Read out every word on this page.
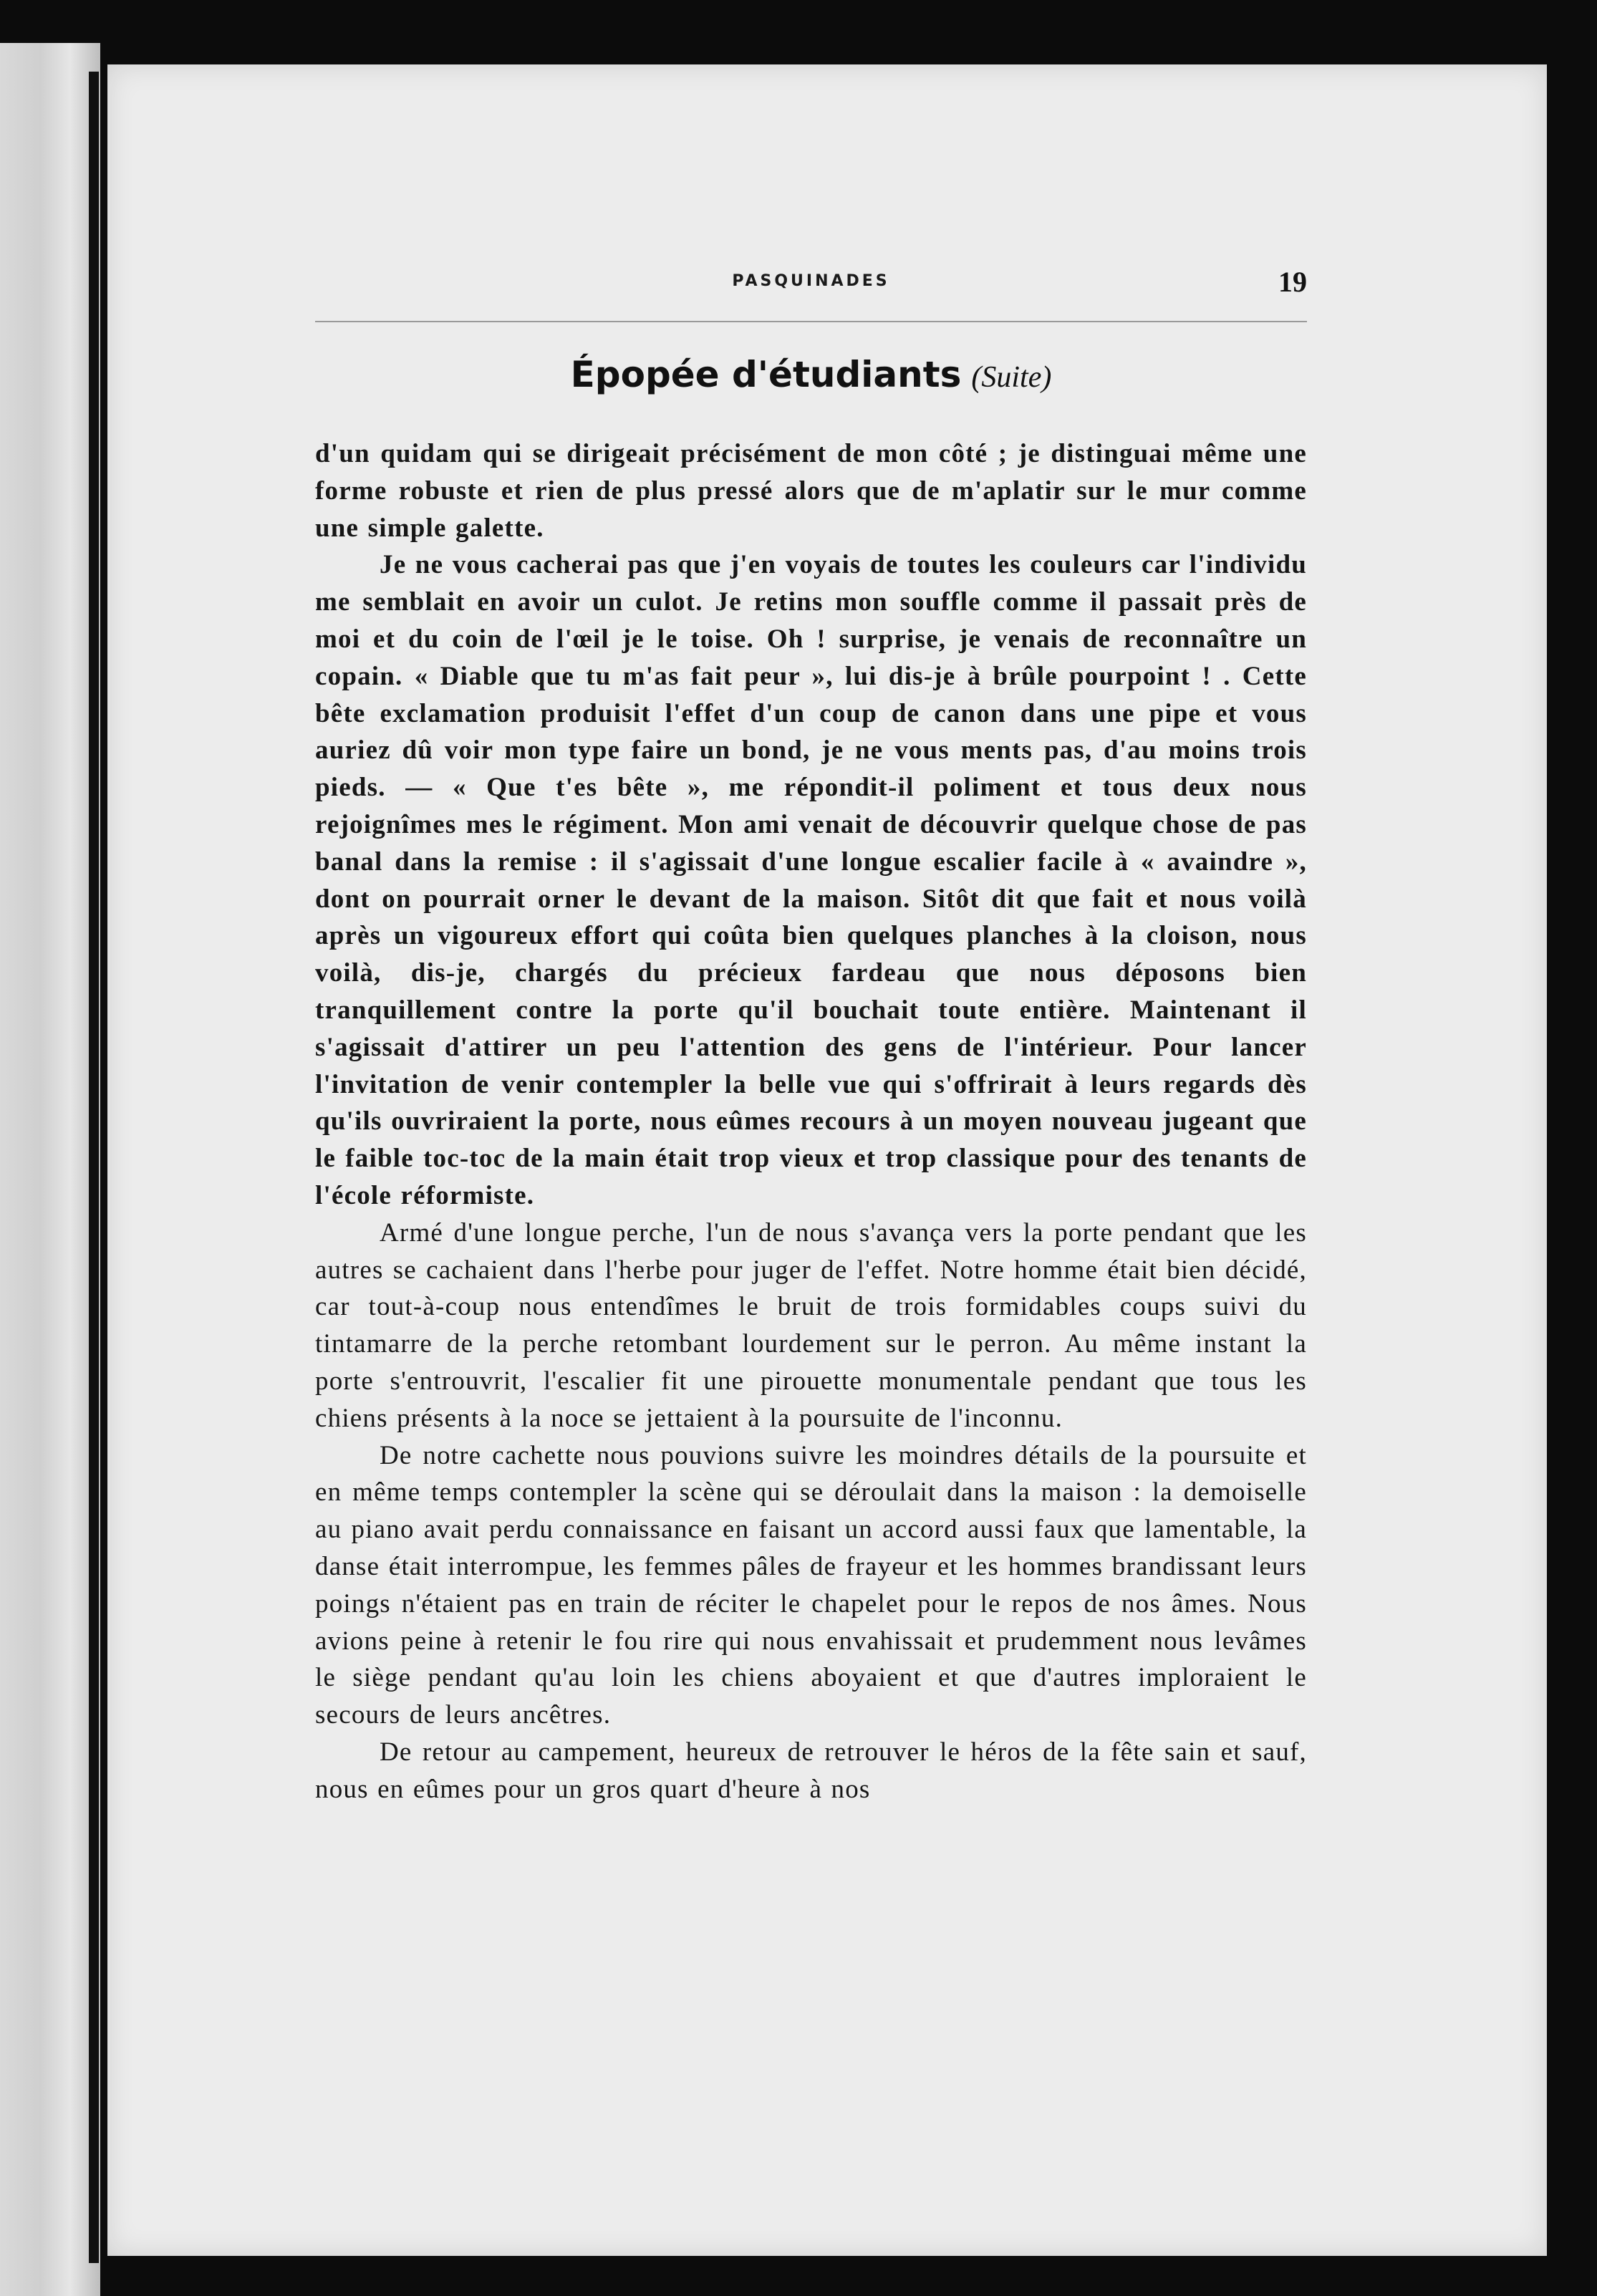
PASQUINADES	19
Épopée d'étudiants (Suite)

d'un quidam qui se dirigeait précisément de mon côté ; je distinguai même une forme robuste et rien de plus pressé alors que de m'aplatir sur le mur comme une simple galette.

Je ne vous cacherai pas que j'en voyais de toutes les couleurs car l'individu me semblait en avoir un culot. Je retins mon souffle comme il passait près de moi et du coin de l'œil je le toise. Oh ! surprise, je venais de reconnaître un copain. « Diable que tu m'as fait peur », lui dis-je à brûle pourpoint ! . Cette bête exclamation produisit l'effet d'un coup de canon dans une pipe et vous auriez dû voir mon type faire un bond, je ne vous ments pas, d'au moins trois pieds. — « Que t'es bête », me répondit-il poliment et tous deux nous rejoignîmes mes le régiment. Mon ami venait de découvrir quelque chose de pas banal dans la remise : il s'agissait d'une longue escalier facile à « avaindre », dont on pourrait orner le devant de la maison. Sitôt dit que fait et nous voilà après un vigoureux effort qui coûta bien quelques planches à la cloison, nous voilà, dis-je, chargés du précieux fardeau que nous déposons bien tranquillement contre la porte qu'il bouchait toute entière. Maintenant il s'agissait d'attirer un peu l'attention des gens de l'intérieur. Pour lancer l'invitation de venir contempler la belle vue qui s'offrirait à leurs regards dès qu'ils ouvriraient la porte, nous eûmes recours à un moyen nouveau jugeant que le faible toc-toc de la main était trop vieux et trop classique pour des tenants de l'école réformiste.

Armé d'une longue perche, l'un de nous s'avança vers la porte pendant que les autres se cachaient dans l'herbe pour juger de l'effet. Notre homme était bien décidé, car tout-à-coup nous entendîmes le bruit de trois formidables coups suivi du tintamarre de la perche retombant lourdement sur le perron. Au même instant la porte s'entrouvrit, l'escalier fit une pirouette monumentale pendant que tous les chiens présents à la noce se jettaient à la poursuite de l'inconnu.

De notre cachette nous pouvions suivre les moindres détails de la poursuite et en même temps contempler la scène qui se déroulait dans la maison : la demoiselle au piano avait perdu connaissance en faisant un accord aussi faux que lamentable, la danse était interrompue, les femmes pâles de frayeur et les hommes brandissant leurs poings n'étaient pas en train de réciter le chapelet pour le repos de nos âmes. Nous avions peine à retenir le fou rire qui nous envahissait et prudemment nous levâmes le siège pendant qu'au loin les chiens aboyaient et que d'autres imploraient le secours de leurs ancêtres.

De retour au campement, heureux de retrouver le héros de la fête sain et sauf, nous en eûmes pour un gros quart d'heure à nos
